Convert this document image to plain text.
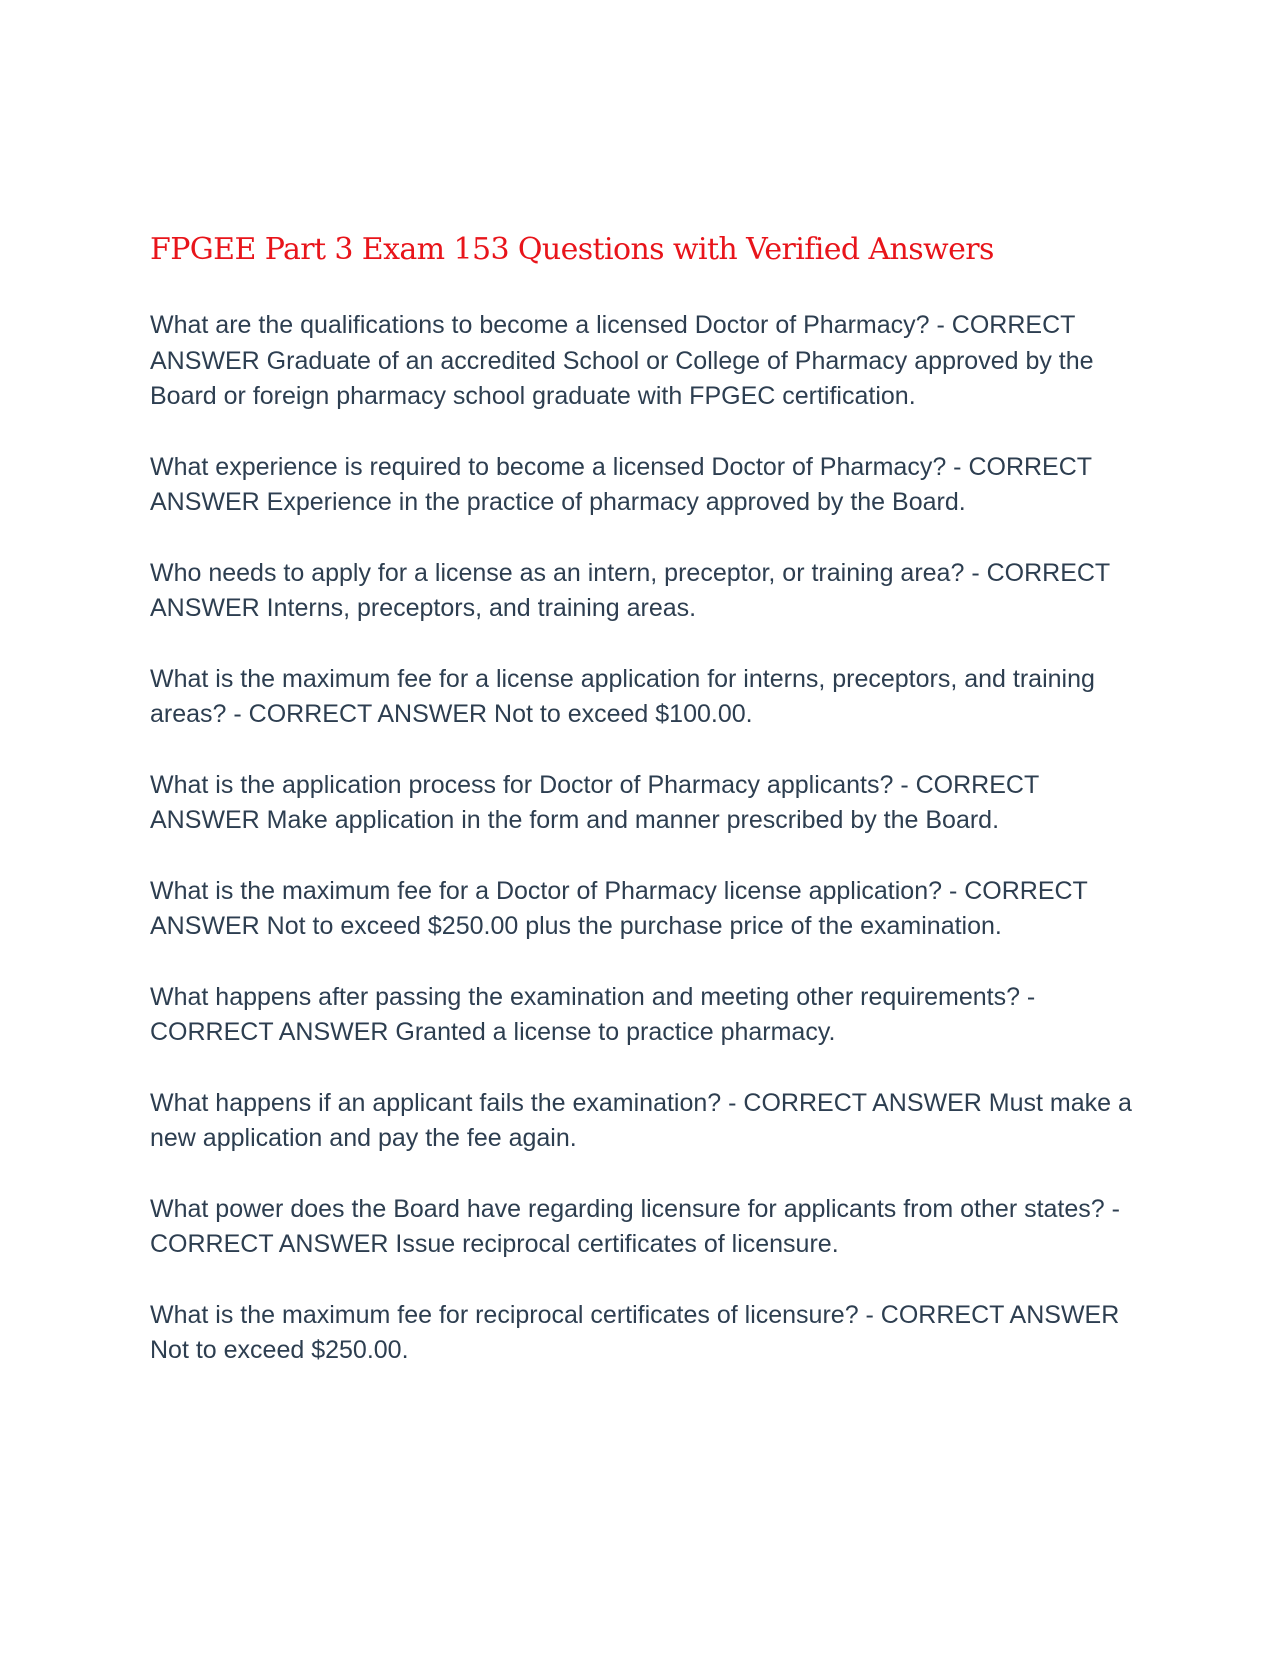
FPGEE Part 3 Exam 153 Questions with Verified Answers

What are the qualifications to become a licensed Doctor of Pharmacy? - CORRECT ANSWER Graduate of an accredited School or College of Pharmacy approved by the Board or foreign pharmacy school graduate with FPGEC certification.

What experience is required to become a licensed Doctor of Pharmacy? - CORRECT ANSWER Experience in the practice of pharmacy approved by the Board.

Who needs to apply for a license as an intern, preceptor, or training area? - CORRECT ANSWER Interns, preceptors, and training areas.

What is the maximum fee for a license application for interns, preceptors, and training areas? - CORRECT ANSWER Not to exceed $100.00.

What is the application process for Doctor of Pharmacy applicants? - CORRECT ANSWER Make application in the form and manner prescribed by the Board.

What is the maximum fee for a Doctor of Pharmacy license application? - CORRECT ANSWER Not to exceed $250.00 plus the purchase price of the examination.

What happens after passing the examination and meeting other requirements? - CORRECT ANSWER Granted a license to practice pharmacy.

What happens if an applicant fails the examination? - CORRECT ANSWER Must make a new application and pay the fee again.

What power does the Board have regarding licensure for applicants from other states? - CORRECT ANSWER Issue reciprocal certificates of licensure.

What is the maximum fee for reciprocal certificates of licensure? - CORRECT ANSWER Not to exceed $250.00.
